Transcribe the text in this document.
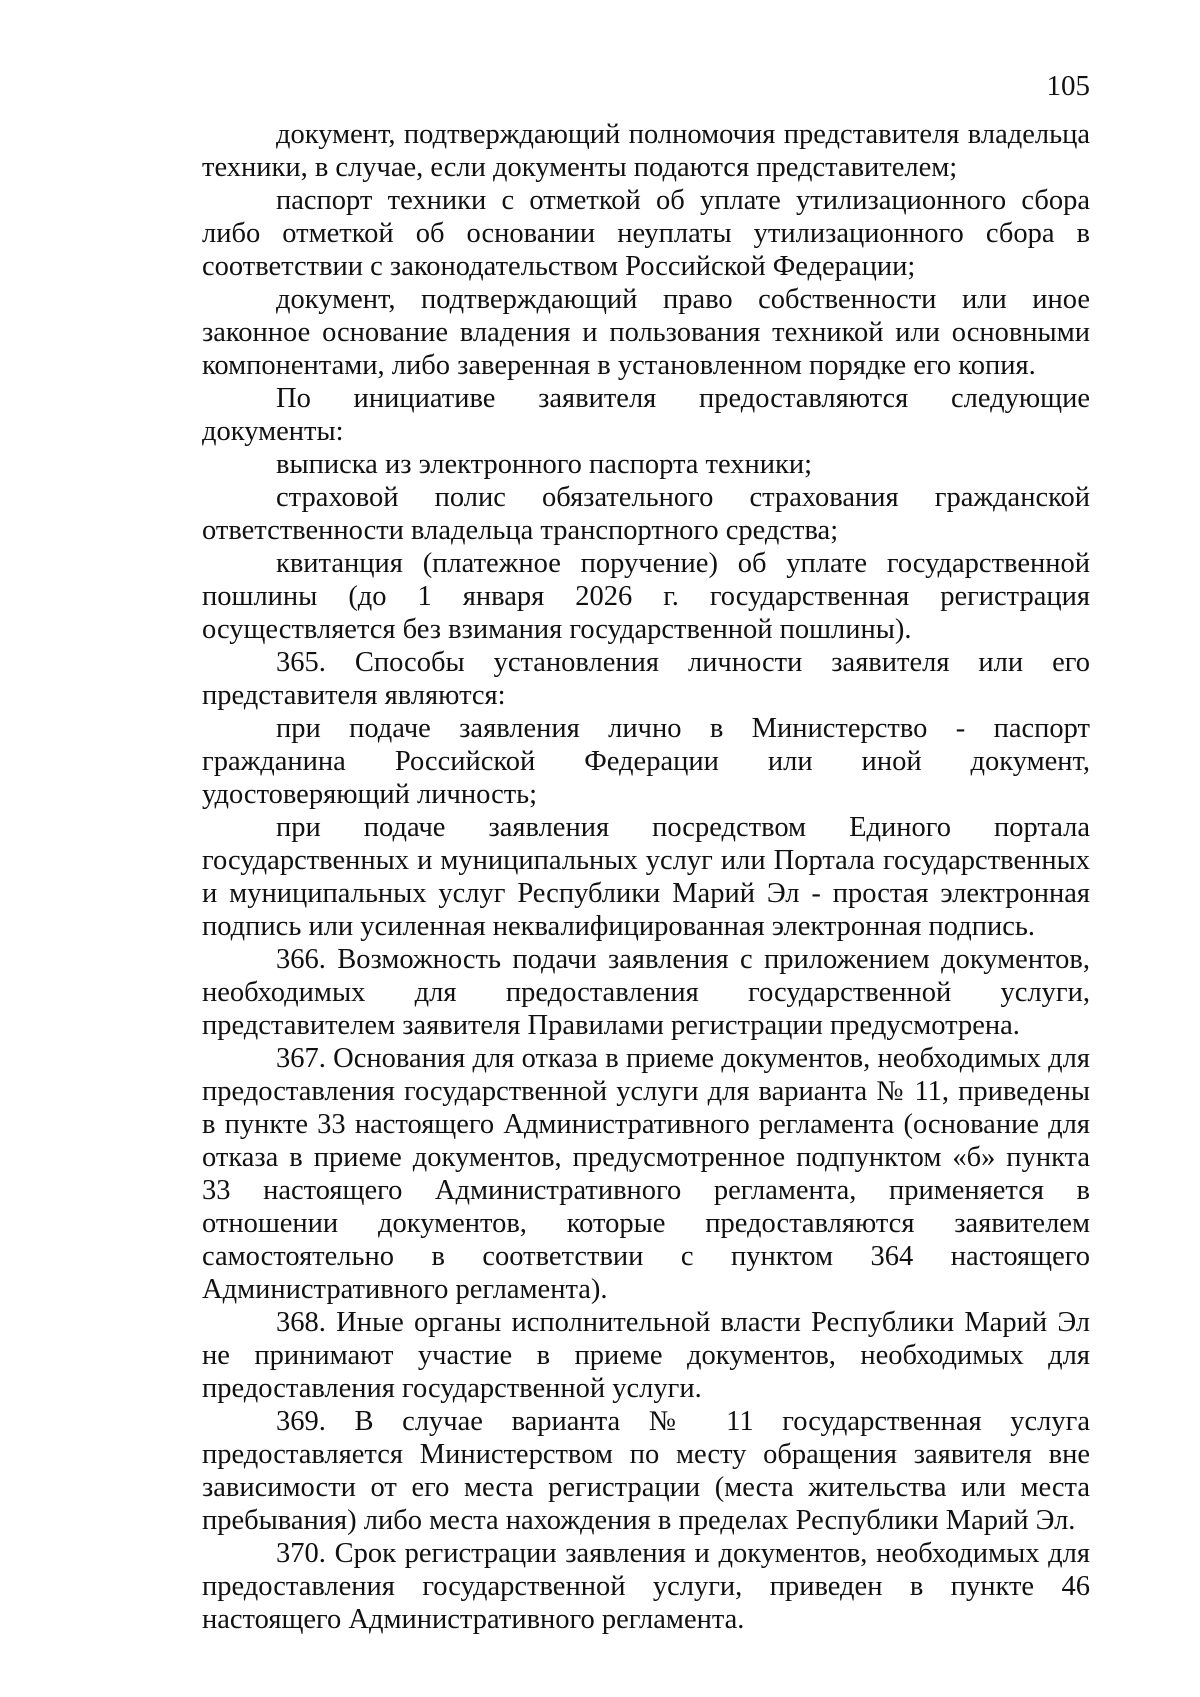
105

документ, подтверждающий полномочия представителя владельца техники, в случае, если документы подаются представителем;

паспорт техники с отметкой об уплате утилизационного сбора либо отметкой об основании неуплаты утилизационного сбора в соответствии с законодательством Российской Федерации;

документ, подтверждающий право собственности или иное законное основание владения и пользования техникой или основными компонентами, либо заверенная в установленном порядке его копия.

По инициативе заявителя предоставляются следующие документы:

выписка из электронного паспорта техники;

страховой полис обязательного страхования гражданской ответственности владельца транспортного средства;

квитанция (платежное поручение) об уплате государственной пошлины (до 1 января 2026 г. государственная регистрация осуществляется без взимания государственной пошлины).

365. Способы установления личности заявителя или его представителя являются:

при подаче заявления лично в Министерство - паспорт гражданина Российской Федерации или иной документ, удостоверяющий личность;

при подаче заявления посредством Единого портала государственных и муниципальных услуг или Портала государственных и муниципальных услуг Республики Марий Эл - простая электронная подпись или усиленная неквалифицированная электронная подпись.

366. Возможность подачи заявления с приложением документов, необходимых для предоставления государственной услуги, представителем заявителя Правилами регистрации предусмотрена.

367. Основания для отказа в приеме документов, необходимых для предоставления государственной услуги для варианта № 11, приведены в пункте 33 настоящего Административного регламента (основание для отказа в приеме документов, предусмотренное подпунктом «б» пункта 33 настоящего Административного регламента, применяется в отношении документов, которые предоставляются заявителем самостоятельно в соответствии с пунктом 364 настоящего Административного регламента).

368. Иные органы исполнительной власти Республики Марий Эл не принимают участие в приеме документов, необходимых для предоставления государственной услуги.

369. В случае варианта № 11 государственная услуга предоставляется Министерством по месту обращения заявителя вне зависимости от его места регистрации (места жительства или места пребывания) либо места нахождения в пределах Республики Марий Эл.

370. Срок регистрации заявления и документов, необходимых для предоставления государственной услуги, приведен в пункте 46 настоящего Административного регламента.
